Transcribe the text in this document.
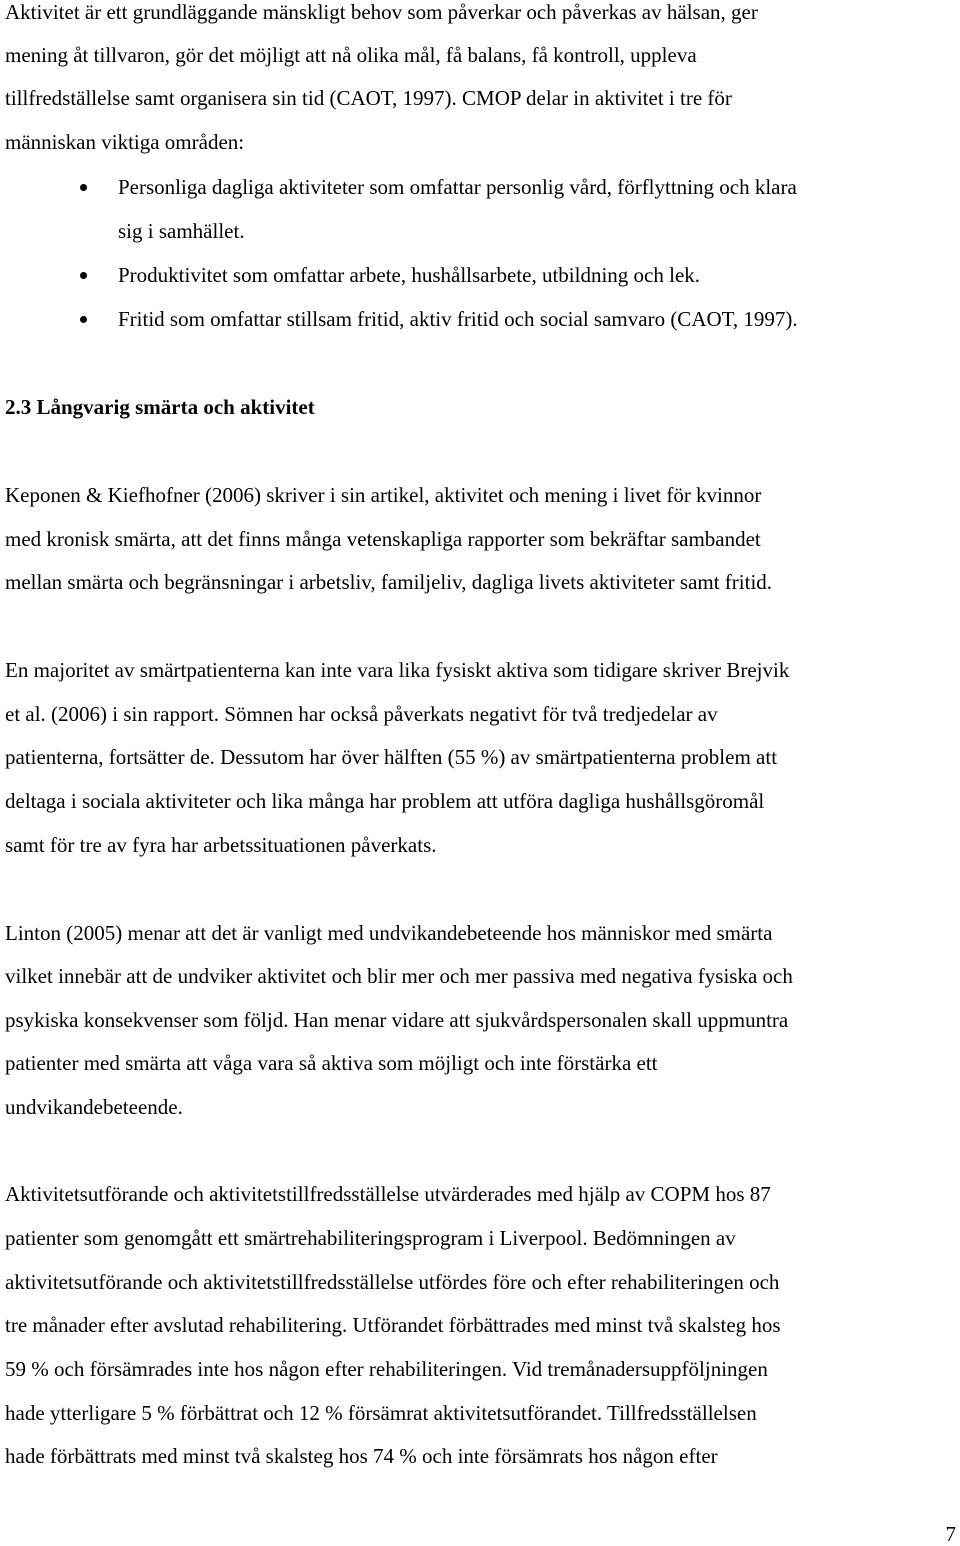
Aktivitet är ett grundläggande mänskligt behov som påverkar och påverkas av hälsan, ger
mening åt tillvaron, gör det möjligt att nå olika mål, få balans, få kontroll, uppleva
tillfredställelse samt organisera sin tid (CAOT, 1997). CMOP delar in aktivitet i tre för
människan viktiga områden:
Personliga dagliga aktiviteter som omfattar personlig vård, förflyttning och klara
sig i samhället.
Produktivitet som omfattar arbete, hushållsarbete, utbildning och lek.
Fritid som omfattar stillsam fritid, aktiv fritid och social samvaro (CAOT, 1997).
2.3 Långvarig smärta och aktivitet
Keponen & Kiefhofner (2006) skriver i sin artikel, aktivitet och mening i livet för kvinnor
med kronisk smärta, att det finns många vetenskapliga rapporter som bekräftar sambandet
mellan smärta och begränsningar i arbetsliv, familjeliv, dagliga livets aktiviteter samt fritid.
En majoritet av smärtpatienterna kan inte vara lika fysiskt aktiva som tidigare skriver Brejvik
et al. (2006) i sin rapport. Sömnen har också påverkats negativt för två tredjedelar av
patienterna, fortsätter de. Dessutom har över hälften (55 %) av smärtpatienterna problem att
deltaga i sociala aktiviteter och lika många har problem att utföra dagliga hushållsgöromål
samt för tre av fyra har arbetssituationen påverkats.
Linton (2005) menar att det är vanligt med undvikandebeteende hos människor med smärta
vilket innebär att de undviker aktivitet och blir mer och mer passiva med negativa fysiska och
psykiska konsekvenser som följd. Han menar vidare att sjukvårdspersonalen skall uppmuntra
patienter med smärta att våga vara så aktiva som möjligt och inte förstärka ett
undvikandebeteende.
Aktivitetsutförande och aktivitetstillfredsställelse utvärderades med hjälp av COPM hos 87
patienter som genomgått ett smärtrehabiliteringsprogram i Liverpool. Bedömningen av
aktivitetsutförande och aktivitetstillfredsställelse utfördes före och efter rehabiliteringen och
tre månader efter avslutad rehabilitering. Utförandet förbättrades med minst två skalsteg hos
59 % och försämrades inte hos någon efter rehabiliteringen. Vid tremånadersuppföljningen
hade ytterligare 5 % förbättrat och 12 % försämrat aktivitetsutförandet. Tillfredsställelsen
hade förbättrats med minst två skalsteg hos 74 % och inte försämrats hos någon efter
7
